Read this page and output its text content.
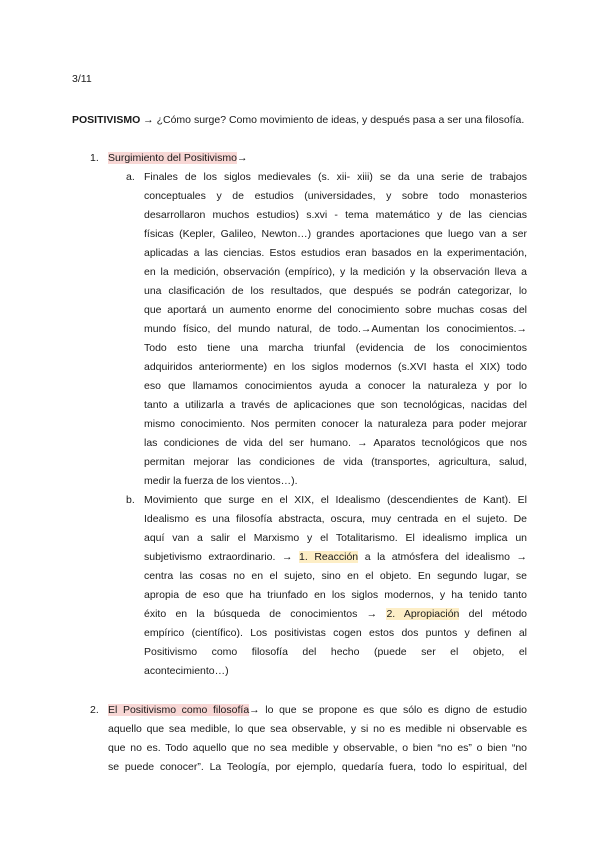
3/11
POSITIVISMO → ¿Cómo surge? Como movimiento de ideas, y después pasa a ser una filosofía.
1. Surgimiento del Positivismo→
a. Finales de los siglos medievales (s. xii- xiii) se da una serie de trabajos
conceptuales y de estudios (universidades, y sobre todo monasterios
desarrollaron muchos estudios) s.xvi - tema matemático y de las ciencias
físicas (Kepler, Galileo, Newton…) grandes aportaciones que luego van a ser
aplicadas a las ciencias. Estos estudios eran basados en la experimentación,
en la medición, observación (empírico), y la medición y la observación lleva a
una clasificación de los resultados, que después se podrán categorizar, lo
que aportará un aumento enorme del conocimiento sobre muchas cosas del
mundo físico, del mundo natural, de todo.→Aumentan los conocimientos.→
Todo esto tiene una marcha triunfal (evidencia de los conocimientos
adquiridos anteriormente) en los siglos modernos (s.XVI hasta el XIX) todo
eso que llamamos conocimientos ayuda a conocer la naturaleza y por lo
tanto a utilizarla a través de aplicaciones que son tecnológicas, nacidas del
mismo conocimiento. Nos permiten conocer la naturaleza para poder mejorar
las condiciones de vida del ser humano. → Aparatos tecnológicos que nos
permitan mejorar las condiciones de vida (transportes, agricultura, salud,
medir la fuerza de los vientos…).
b. Movimiento que surge en el XIX, el Idealismo (descendientes de Kant). El
Idealismo es una filosofía abstracta, oscura, muy centrada en el sujeto. De
aquí van a salir el Marxismo y el Totalitarismo. El idealismo implica un
subjetivismo extraordinario. → 1. Reacción a la atmósfera del idealismo →
centra las cosas no en el sujeto, sino en el objeto. En segundo lugar, se
apropia de eso que ha triunfado en los siglos modernos, y ha tenido tanto
éxito en la búsqueda de conocimientos → 2. Apropiación del método
empírico (científico). Los positivistas cogen estos dos puntos y definen al
Positivismo como filosofía del hecho (puede ser el objeto, el
acontecimiento…)
2. El Positivismo como filosofía→ lo que se propone es que sólo es digno de estudio
aquello que sea medible, lo que sea observable, y si no es medible ni observable es
que no es. Todo aquello que no sea medible y observable, o bien “no es” o bien “no
se puede conocer”. La Teología, por ejemplo, quedaría fuera, todo lo espiritual, del
